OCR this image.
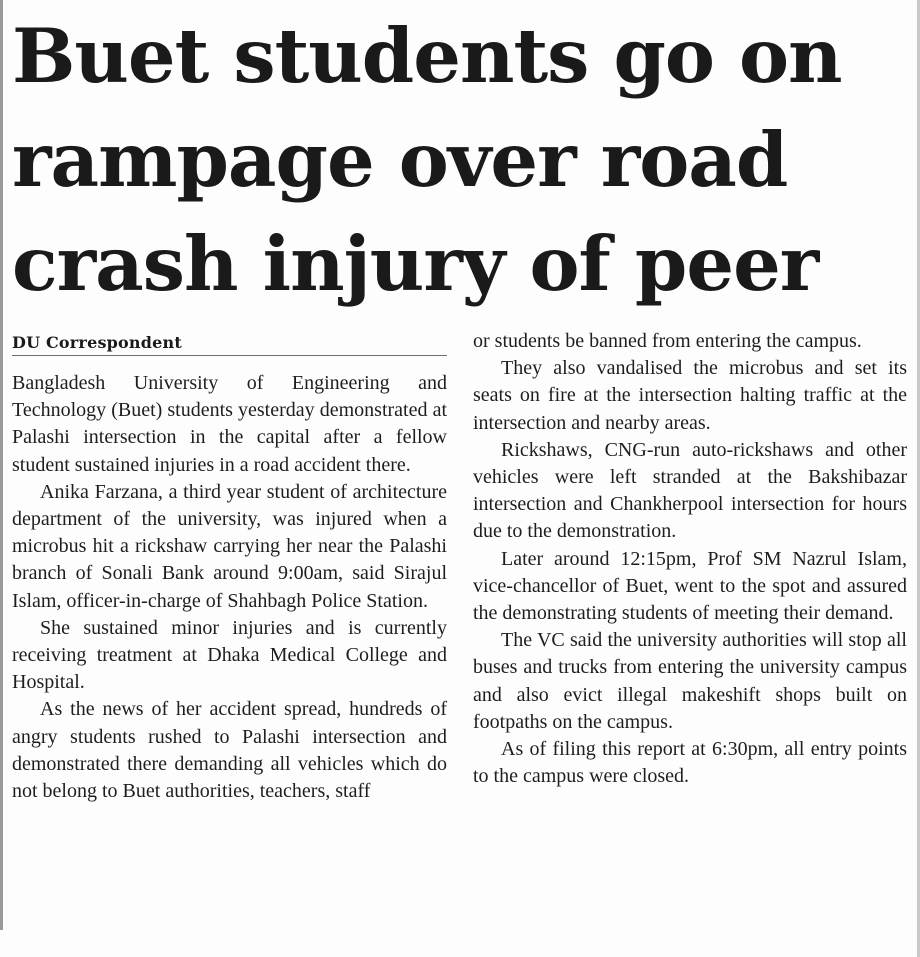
Buet students go on
rampage over road
crash injury of peer
DU Correspondent

Bangladesh University of Engineering and Technology (Buet) students yesterday demonstrated at Palashi intersection in the capital after a fellow student sustained injuries in a road accident there.

Anika Farzana, a third year student of architecture department of the university, was injured when a microbus hit a rickshaw carrying her near the Palashi branch of Sonali Bank around 9:00am, said Sirajul Islam, officer-in-charge of Shahbagh Police Station.

She sustained minor injuries and is currently receiving treatment at Dhaka Medical College and Hospital.

As the news of her accident spread, hundreds of angry students rushed to Palashi intersection and demonstrated there demanding all vehicles which do not belong to Buet authorities, teachers, staff

or students be banned from entering the campus.

They also vandalised the microbus and set its seats on fire at the intersection halting traffic at the intersection and nearby areas.

Rickshaws, CNG-run auto-rickshaws and other vehicles were left stranded at the Bakshibazar intersection and Chankherpool intersection for hours due to the demonstration.

Later around 12:15pm, Prof SM Nazrul Islam, vice-chancellor of Buet, went to the spot and assured the demonstrating students of meeting their demand.

The VC said the university authorities will stop all buses and trucks from entering the university campus and also evict illegal makeshift shops built on footpaths on the campus.

As of filing this report at 6:30pm, all entry points to the campus were closed.
